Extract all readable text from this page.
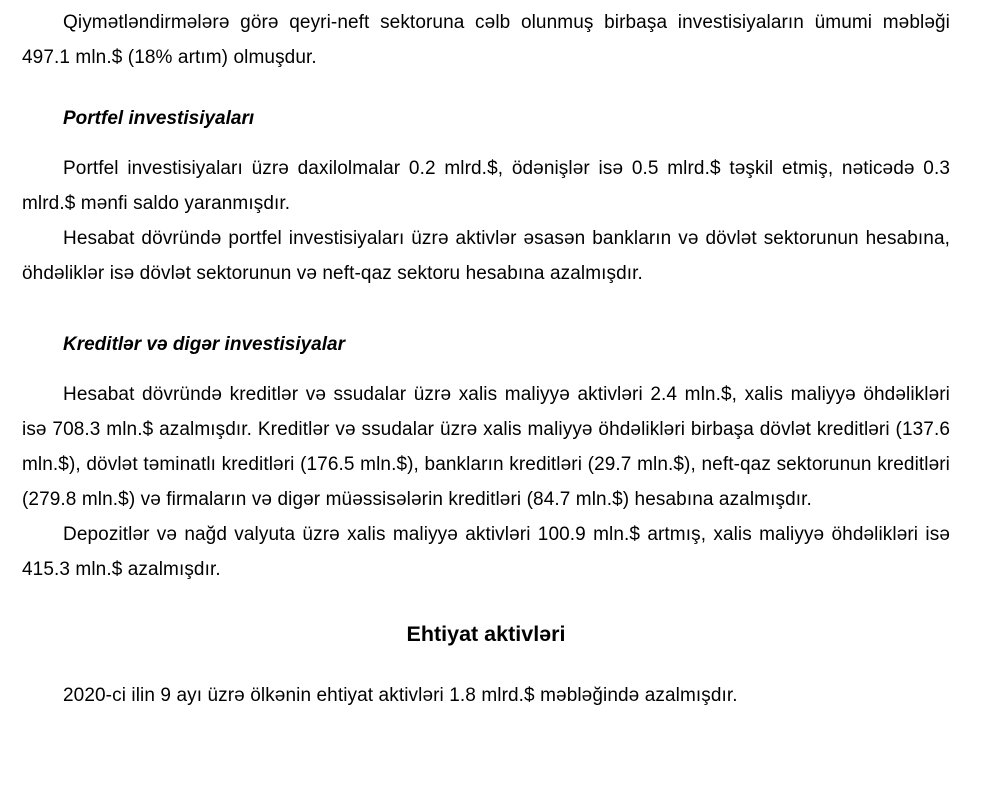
Qiymətləndirmələrə görə qeyri-neft sektoruna cəlb olunmuş birbaşa investisiyaların ümumi məbləği 497.1 mln.$ (18% artım) olmuşdur.

Portfel investisiyaları

Portfel investisiyaları üzrə daxilolmalar 0.2 mlrd.$, ödənişlər isə 0.5 mlrd.$ təşkil etmiş, nəticədə 0.3 mlrd.$ mənfi saldo yaranmışdır.

Hesabat dövründə portfel investisiyaları üzrə aktivlər əsasən bankların və dövlət sektorunun hesabına, öhdəliklər isə dövlət sektorunun və neft-qaz sektoru hesabına azalmışdır.

Kreditlər və digər investisiyalar

Hesabat dövründə kreditlər və ssudalar üzrə xalis maliyyə aktivləri 2.4 mln.$, xalis maliyyə öhdəlikləri isə 708.3 mln.$ azalmışdır. Kreditlər və ssudalar üzrə xalis maliyyə öhdəlikləri birbaşa dövlət kreditləri (137.6 mln.$), dövlət təminatlı kreditləri (176.5 mln.$), bankların kreditləri (29.7 mln.$), neft-qaz sektorunun kreditləri (279.8 mln.$) və firmaların və digər müəssisələrin kreditləri (84.7 mln.$) hesabına azalmışdır.

Depozitlər və nağd valyuta üzrə xalis maliyyə aktivləri 100.9 mln.$ artmış, xalis maliyyə öhdəlikləri isə 415.3 mln.$ azalmışdır.

Ehtiyat aktivləri

2020-ci ilin 9 ayı üzrə ölkənin ehtiyat aktivləri 1.8 mlrd.$ məbləğində azalmışdır.
